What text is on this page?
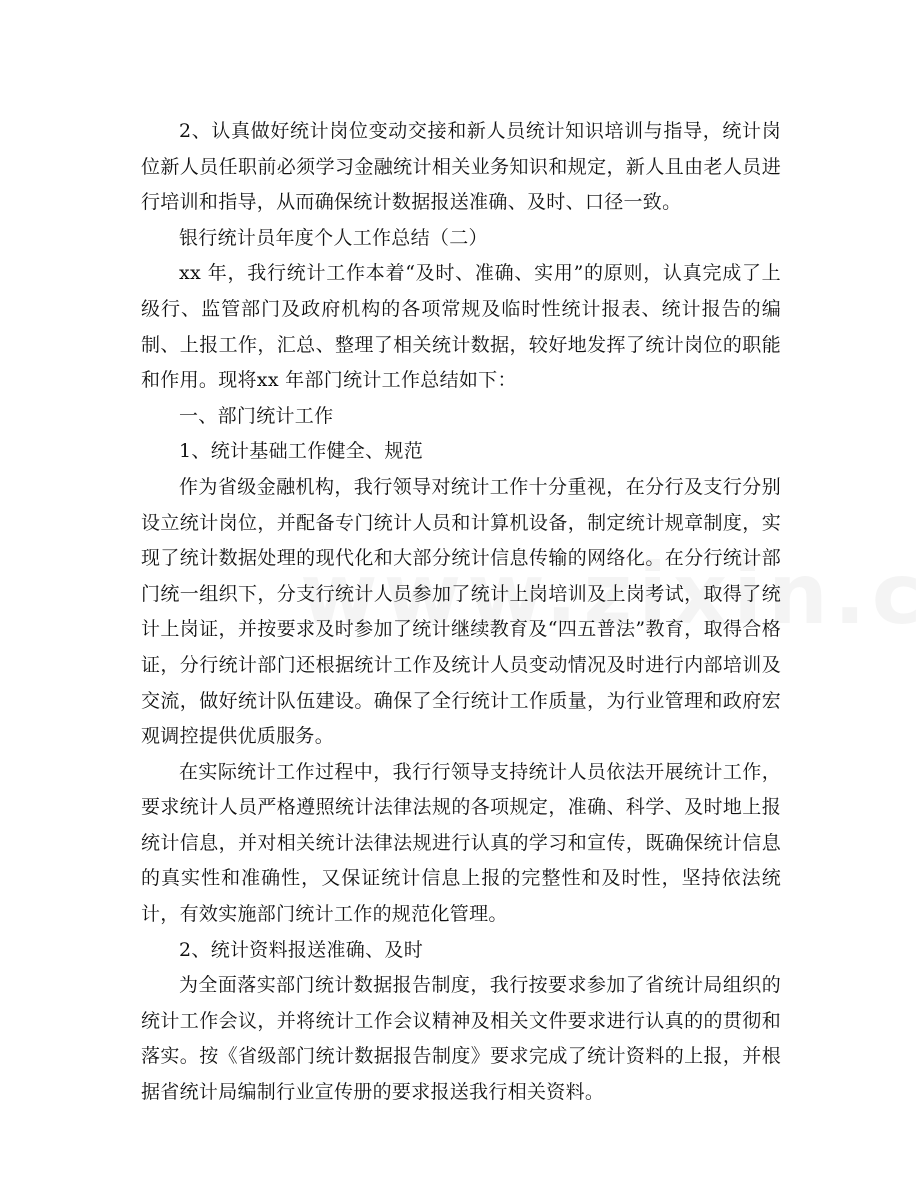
2、认真做好统计岗位变动交接和新人员统计知识培训与指导，统计岗位新人员任职前必须学习金融统计相关业务知识和规定，新人且由老人员进行培训和指导，从而确保统计数据报送准确、及时、口径一致。

银行统计员年度个人工作总结（二）

xx 年，我行统计工作本着“及时、准确、实用”的原则，认真完成了上级行、监管部门及政府机构的各项常规及临时性统计报表、统计报告的编制、上报工作，汇总、整理了相关统计数据，较好地发挥了统计岗位的职能和作用。现将xx 年部门统计工作总结如下：

一、部门统计工作

1、统计基础工作健全、规范

作为省级金融机构，我行领导对统计工作十分重视，在分行及支行分别设立统计岗位，并配备专门统计人员和计算机设备，制定统计规章制度，实现了统计数据处理的现代化和大部分统计信息传输的网络化。在分行统计部门统一组织下，分支行统计人员参加了统计上岗培训及上岗考试，取得了统计上岗证，并按要求及时参加了统计继续教育及“四五普法”教育，取得合格证，分行统计部门还根据统计工作及统计人员变动情况及时进行内部培训及交流，做好统计队伍建设。确保了全行统计工作质量，为行业管理和政府宏观调控提供优质服务。

在实际统计工作过程中，我行行领导支持统计人员依法开展统计工作，要求统计人员严格遵照统计法律法规的各项规定，准确、科学、及时地上报统计信息，并对相关统计法律法规进行认真的学习和宣传，既确保统计信息的真实性和准确性，又保证统计信息上报的完整性和及时性，坚持依法统计，有效实施部门统计工作的规范化管理。

2、统计资料报送准确、及时

为全面落实部门统计数据报告制度，我行按要求参加了省统计局组织的统计工作会议，并将统计工作会议精神及相关文件要求进行认真的的贯彻和落实。按《省级部门统计数据报告制度》要求完成了统计资料的上报，并根据省统计局编制行业宣传册的要求报送我行相关资料。
